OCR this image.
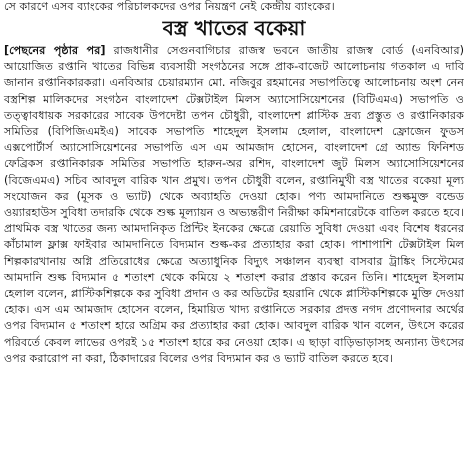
সে কারণে এসব ব্যাংকের পরিচালকদের ওপর নিয়ন্ত্রণ নেই কেন্দ্রীয় ব্যাংকের।
বস্ত্র খাতের বকেয়া

[পেছনের পৃষ্ঠার পর] রাজধানীর সেগুনবাগিচার রাজস্ব ভবনে জাতীয় রাজস্ব বোর্ড (এনবিআর) আয়োজিত রপ্তানি খাতের বিভিন্ন ব্যবসায়ী সংগঠনের সঙ্গে প্রাক-বাজেট আলোচনায় গতকাল এ দাবি জানান রপ্তানিকারকরা। এনবিআর চেয়ারম্যান মো. নজিবুর রহমানের সভাপতিত্বে আলোচনায় অংশ নেন বস্ত্রশিল্প মালিকদের সংগঠন বাংলাদেশ টেক্সটাইল মিলস অ্যাসোসিয়েশনের (বিটিএমএ) সভাপতি ও তত্ত্বাবধায়ক সরকারের সাবেক উপদেষ্টা তপন চৌধুরী, বাংলাদেশ প্লাস্টিক দ্রব্য প্রস্তুত ও রপ্তানিকারক সমিতির (বিপিজিএমইএ) সাবেক সভাপতি শাহেদুল ইসলাম হেলাল, বাংলাদেশ ফ্রোজেন ফুডস এক্সপোর্টার্স অ্যাসোসিয়েশনের সভাপতি এস এম আমজাদ হোসেন, বাংলাদেশ গ্রে অ্যান্ড ফিনিশড ফেব্রিকস রপ্তানিকারক সমিতির সভাপতি হারুন-অর রশিদ, বাংলাদেশ জুট মিলস অ্যাসোসিয়েশনের (বিজেএমএ) সচিব আবদুল বারিক খান প্রমুখ। তপন চৌধুরী বলেন, রপ্তানিমুখী বস্ত্র খাতের বকেয়া মূল্য সংযোজন কর (মূসক ও ভ্যাট) থেকে অব্যাহতি দেওয়া হোক। পণ্য আমদানিতে শুল্কমুক্ত বন্ডেড ওয়্যারহাউস সুবিধা তদারকি থেকে শুল্ক মূল্যায়ন ও অভ্যন্তরীণ নিরীক্ষা কমিশনারেটকে বাতিল করতে হবে। প্রাথমিক বস্ত্র খাতের জন্য আমদানিকৃত প্রিন্টিং ইনকের ক্ষেত্রে রেয়াতি সুবিধা দেওয়া এবং বিশেষ ধরনের কাঁচামাল ফ্লাক্স ফাইবার আমদানিতে বিদ্যমান শুল্ক-কর প্রত্যাহার করা হোক। পাশাপাশি টেক্সটাইল মিল শিল্পকারখানায় অগ্নি প্রতিরোধের ক্ষেত্রে অত্যাধুনিক বিদ্যুৎ সঞ্চালন ব্যবস্থা বাসবার ট্রাঙ্কিং সিস্টেমের আমদানি শুল্ক বিদ্যমান ৫ শতাংশ থেকে কমিয়ে ২ শতাংশ করার প্রস্তাব করেন তিনি। শাহেদুল ইসলাম হেলাল বলেন, প্লাস্টিকশিল্পকে কর সুবিধা প্রদান ও কর অডিটের হয়রানি থেকে প্লাস্টিকশিল্পকে মুক্তি দেওয়া হোক। এস এম আমজাদ হোসেন বলেন, হিমায়িত খাদ্য রপ্তানিতে সরকার প্রদত্ত নগদ প্রণোদনার অর্থের ওপর বিদ্যমান ৫ শতাংশ হারে অগ্রিম কর প্রত্যাহার করা হোক। আবদুল বারিক খান বলেন, উৎসে করের পরিবর্তে কেবল লাভের ওপরই ১৫ শতাংশ হারে কর নেওয়া হোক। এ ছাড়া বাড়িভাড়াসহ অন্যান্য উৎসের ওপর করারোপ না করা, ঠিকাদারের বিলের ওপর বিদ্যমান কর ও ভ্যাট বাতিল করতে হবে।
